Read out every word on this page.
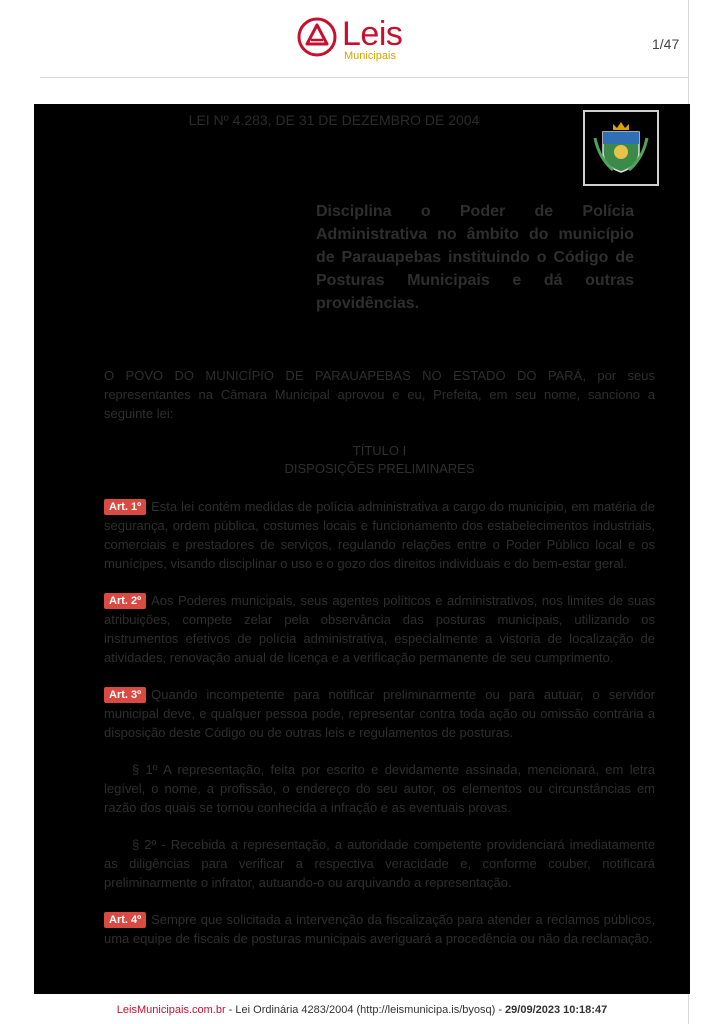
Leis
Municipais
1/47
LEI Nº 4.283, DE 31 DE DEZEMBRO DE 2004
Disciplina o Poder de Polícia Administrativa no âmbito do município de Parauapebas instituindo o Código de Posturas Municipais e dá outras providências.
O POVO DO MUNICÍPIO DE PARAUAPEBAS NO ESTADO DO PARÁ, por seus representantes na Câmara Municipal aprovou e eu, Prefeita, em seu nome, sanciono a seguinte lei:
TÍTULO I
DISPOSIÇÕES PRELIMINARES
Art. 1º Esta lei contém medidas de polícia administrativa a cargo do município, em matéria de segurança, ordem pública, costumes locais e funcionamento dos estabelecimentos industriais, comerciais e prestadores de serviços, regulando relações entre o Poder Público local e os munícipes, visando disciplinar o uso e o gozo dos direitos individuais e do bem-estar geral.
Art. 2º Aos Poderes municipais, seus agentes políticos e administrativos, nos limites de suas atribuições, compete zelar pela observância das posturas municipais, utilizando os instrumentos efetivos de polícia administrativa, especialmente a vistoria de localização de atividades, renovação anual de licença e a verificação permanente de seu cumprimento.
Art. 3º Quando incompetente para notificar preliminarmente ou para autuar, o servidor municipal deve, e qualquer pessoa pode, representar contra toda ação ou omissão contrária a disposição deste Código ou de outras leis e regulamentos de posturas.
§ 1º A representação, feita por escrito e devidamente assinada, mencionará, em letra legível, o nome, a profissão, o endereço do seu autor, os elementos ou circunstâncias em razão dos quais se tornou conhecida a infração e as eventuais provas.
§ 2º - Recebida a representação, a autoridade competente providenciará imediatamente as diligências para verificar a respectiva veracidade e, conforme couber, notificará preliminarmente o infrator, autuando-o ou arquivando a representação.
Art. 4º Sempre que solicitada a intervenção da fiscalização para atender a reclamos públicos, uma equipe de fiscais de posturas municipais averiguará a procedência ou não da reclamação.
LeisMunicipais.com.br - Lei Ordinária 4283/2004 (http://leismunicipa.is/byosq) - 29/09/2023 10:18:47
